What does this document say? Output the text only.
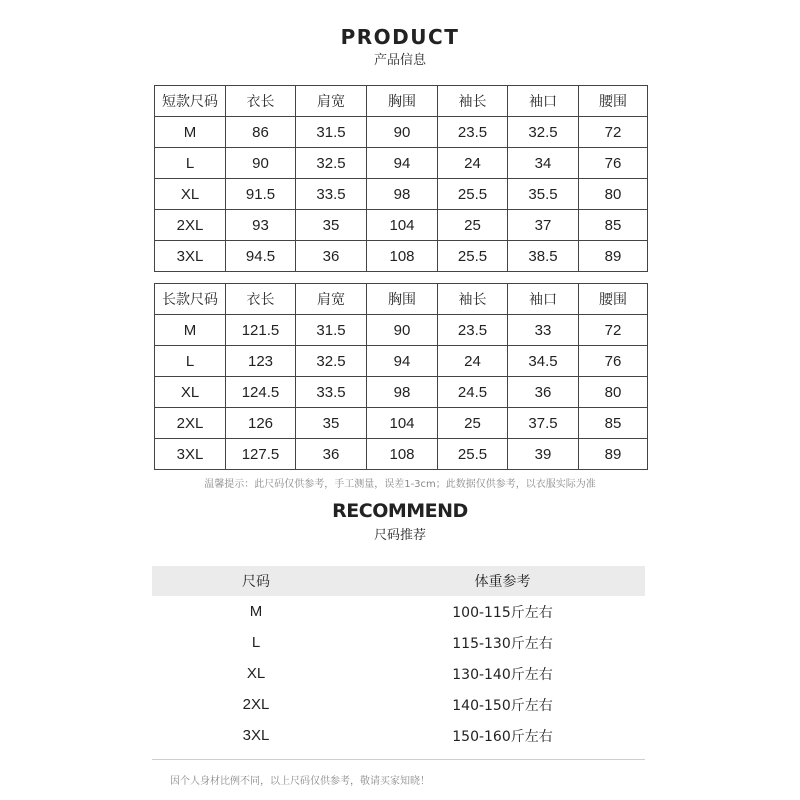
PRODUCT
产品信息
短款尺码	衣长	肩宽	胸围	袖长	袖口	腰围
M	86	31.5	90	23.5	32.5	72
L	90	32.5	94	24	34	76
XL	91.5	33.5	98	25.5	35.5	80
2XL	93	35	104	25	37	85
3XL	94.5	36	108	25.5	38.5	89
长款尺码	衣长	肩宽	胸围	袖长	袖口	腰围
M	121.5	31.5	90	23.5	33	72
L	123	32.5	94	24	34.5	76
XL	124.5	33.5	98	24.5	36	80
2XL	126	35	104	25	37.5	85
3XL	127.5	36	108	25.5	39	89
温馨提示：此尺码仅供参考，手工测量，误差1-3cm；此数据仅供参考，以衣服实际为准
RECOMMEND
尺码推荐
尺码	体重参考
M	100-115斤左右
L	115-130斤左右
XL	130-140斤左右
2XL	140-150斤左右
3XL	150-160斤左右
因个人身材比例不同，以上尺码仅供参考，敬请买家知晓！
